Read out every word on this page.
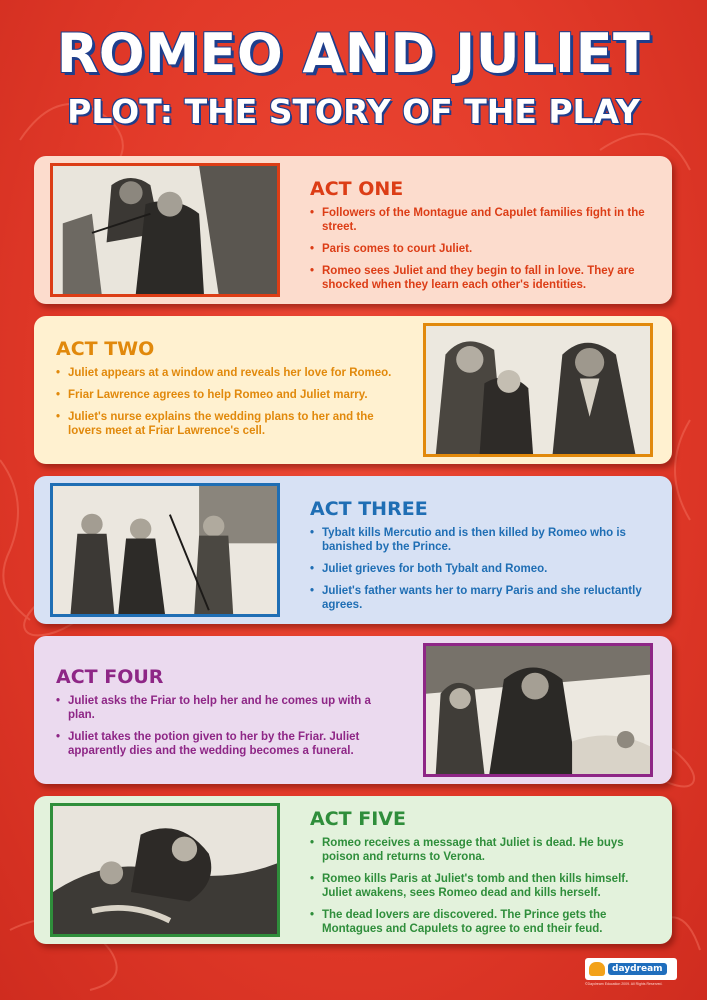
ROMEO AND JULIET
PLOT: THE STORY OF THE PLAY
ACT ONE
• Followers of the Montague and Capulet families fight in the street.
• Paris comes to court Juliet.
• Romeo sees Juliet and they begin to fall in love. They are shocked when they learn each other's identities.
ACT TWO
• Juliet appears at a window and reveals her love for Romeo.
• Friar Lawrence agrees to help Romeo and Juliet marry.
• Juliet's nurse explains the wedding plans to her and the lovers meet at Friar Lawrence's cell.
ACT THREE
• Tybalt kills Mercutio and is then killed by Romeo who is banished by the Prince.
• Juliet grieves for both Tybalt and Romeo.
• Juliet's father wants her to marry Paris and she reluctantly agrees.
ACT FOUR
• Juliet asks the Friar to help her and he comes up with a plan.
• Juliet takes the potion given to her by the Friar. Juliet apparently dies and the wedding becomes a funeral.
ACT FIVE
• Romeo receives a message that Juliet is dead. He buys poison and returns to Verona.
• Romeo kills Paris at Juliet's tomb and then kills himself. Juliet awakens, sees Romeo dead and kills herself.
• The dead lovers are discovered. The Prince gets the Montagues and Capulets to agree to end their feud.
daydream
©Daydream Education 2009. All Rights Reserved.
